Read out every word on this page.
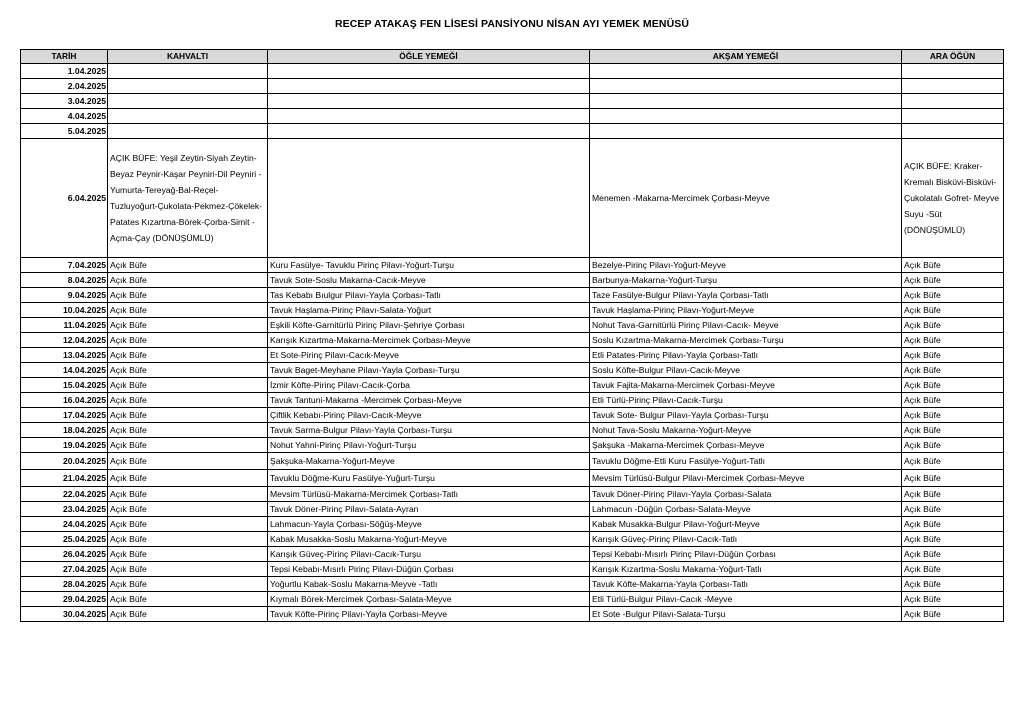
RECEP ATAKAŞ FEN LİSESİ PANSİYONU NİSAN AYI YEMEK MENÜSÜ
TARİH	KAHVALTI	ÖĞLE YEMEĞİ	AKŞAM YEMEĞİ	ARA ÖĞÜN
1.04.2025				
2.04.2025				
3.04.2025				
4.04.2025				
5.04.2025				
6.04.2025	AÇIK BÜFE: Yeşil Zeytin-Siyah Zeytin-Beyaz Peynir-Kaşar Peyniri-Dil Peyniri -Yumurta-Tereyağ-Bal-Reçel-Tuzluyoğurt-Çukolata-Pekmez-Çökelek-Patates Kızartma-Börek-Çorba-Simit -Açma-Çay (DÖNÜŞÜMLÜ)		Menemen -Makarna-Mercimek Çorbası-Meyve	AÇIK BÜFE: Kraker-Kremalı Bisküvi-Bisküvi-Çukolatalı Gofret- Meyve Suyu -Süt (DÖNÜŞÜMLÜ)
7.04.2025	Açık Büfe	Kuru Fasülye- Tavuklu Pirinç Pilavı-Yoğurt-Turşu	Bezelye-Pirinç Pilavı-Yoğurt-Meyve	Açık Büfe
8.04.2025	Açık Büfe	Tavuk Sote-Soslu Makarna-Cacık-Meyve	Barbunya-Makarna-Yoğurt-Turşu	Açık Büfe
9.04.2025	Açık Büfe	Tas Kebabı Bıulgur Pilavı-Yayla Çorbası-Tatlı	Taze Fasülye-Bulgur Pilavı-Yayla Çorbası-Tatlı	Açık Büfe
10.04.2025	Açık Büfe	Tavuk Haşlama-Pirinç Pilavı-Salata-Yoğurt	Tavuk Haşlama-Pirinç Pilavı-Yoğurt-Meyve	Açık Büfe
11.04.2025	Açık Büfe	Eşkili Köfte-Garnitürlü Pirinç Pilavı-Şehriye Çorbası	Nohut Tava-Garnitürlü Pirinç Pilavı-Cacık- Meyve	Açık Büfe
12.04.2025	Açık Büfe	Karışık Kızartma-Makarna-Mercimek Çorbası-Meyve	Soslu Kızartma-Makarna-Mercimek Çorbası-Turşu	Açık Büfe
13.04.2025	Açık Büfe	Et Sote-Pirinç Pilavı-Cacık-Meyve	Etli Patates-Pirinç Pilavı-Yayla Çorbası-Tatlı	Açık Büfe
14.04.2025	Açık Büfe	Tavuk Baget-Meyhane Pilavı-Yayla Çorbası-Turşu	Soslu Köfte-Bulgur Pilavı-Cacık-Meyve	Açık Büfe
15.04.2025	Açık Büfe	İzmir Köfte-Pirinç Pilavı-Cacık-Çorba	Tavuk Fajita-Makarna-Mercimek Çorbası-Meyve	Açık Büfe
16.04.2025	Açık Büfe	Tavuk Tantuni-Makarna -Mercimek Çorbası-Meyve	Etli Türlü-Pirinç Pilavı-Cacık-Turşu	Açık Büfe
17.04.2025	Açık Büfe	Çiftlik Kebabı-Pirinç Pilavı-Cacık-Meyve	Tavuk Sote- Bulgur Pilavı-Yayla Çorbası-Turşu	Açık Büfe
18.04.2025	Açık Büfe	Tavuk Sarma-Bulgur Pilavı-Yayla Çorbası-Turşu	Nohut Tava-Soslu Makarna-Yoğurt-Meyve	Açık Büfe
19.04.2025	Açık Büfe	Nohut Yahni-Pirinç Pilavı-Yoğurt-Turşu	Şakşuka -Makarna-Mercimek Çorbası-Meyve	Açık Büfe
20.04.2025	Açık Büfe	Şakşuka-Makarna-Yoğurt-Meyve	Tavuklu Döğme-Etli Kuru Fasülye-Yoğurt-Tatlı	Açık Büfe
21.04.2025	Açık Büfe	Tavuklu Döğme-Kuru Fasülye-Yuğurt-Turşu	Mevsim Türlüsü-Bulgur Pilavı-Mercimek Çorbası-Meyve	Açık Büfe
22.04.2025	Açık Büfe	Mevsim Türlüsü-Makarna-Mercimek Çorbası-Tatlı	Tavuk Döner-Pirinç Pilavı-Yayla Çorbası-Salata	Açık Büfe
23.04.2025	Açık Büfe	Tavuk Döner-Pirinç Pilavı-Salata-Ayran	Lahmacun -Düğün Çorbası-Salata-Meyve	Açık Büfe
24.04.2025	Açık Büfe	Lahmacun-Yayla Çorbası-Söğüş-Meyve	Kabak Musakka-Bulgur Pilavı-Yoğurt-Meyve	Açık Büfe
25.04.2025	Açık Büfe	Kabak Musakka-Soslu Makarna-Yoğurt-Meyve	Karışık Güveç-Pirinç Pilavı-Cacık-Tatlı	Açık Büfe
26.04.2025	Açık Büfe	Karışık Güveç-Pirinç Pilavı-Cacık-Turşu	Tepsi Kebabı-Mısırlı Pirinç Pilavı-Düğün Çorbası	Açık Büfe
27.04.2025	Açık Büfe	Tepsi Kebabı-Mısırlı Pirinç Pilavı-Düğün Çorbası	Karışık Kızartma-Soslu Makarna-Yoğurt-Tatlı	Açık Büfe
28.04.2025	Açık Büfe	Yoğurtlu Kabak-Soslu Makarna-Meyve -Tatlı	Tavuk Köfte-Makarna-Yayla Çorbası-Tatlı	Açık Büfe
29.04.2025	Açık Büfe	Kıymalı Börek-Mercimek Çorbası-Salata-Meyve	Etli Türlü-Bulgur Pilavı-Cacık -Meyve	Açık Büfe
30.04.2025	Açık Büfe	Tavuk Köfte-Pirinç Pilavı-Yayla Çorbası-Meyve	Et Sote -Bulgur Pilavı-Salata-Turşu	Açık Büfe
